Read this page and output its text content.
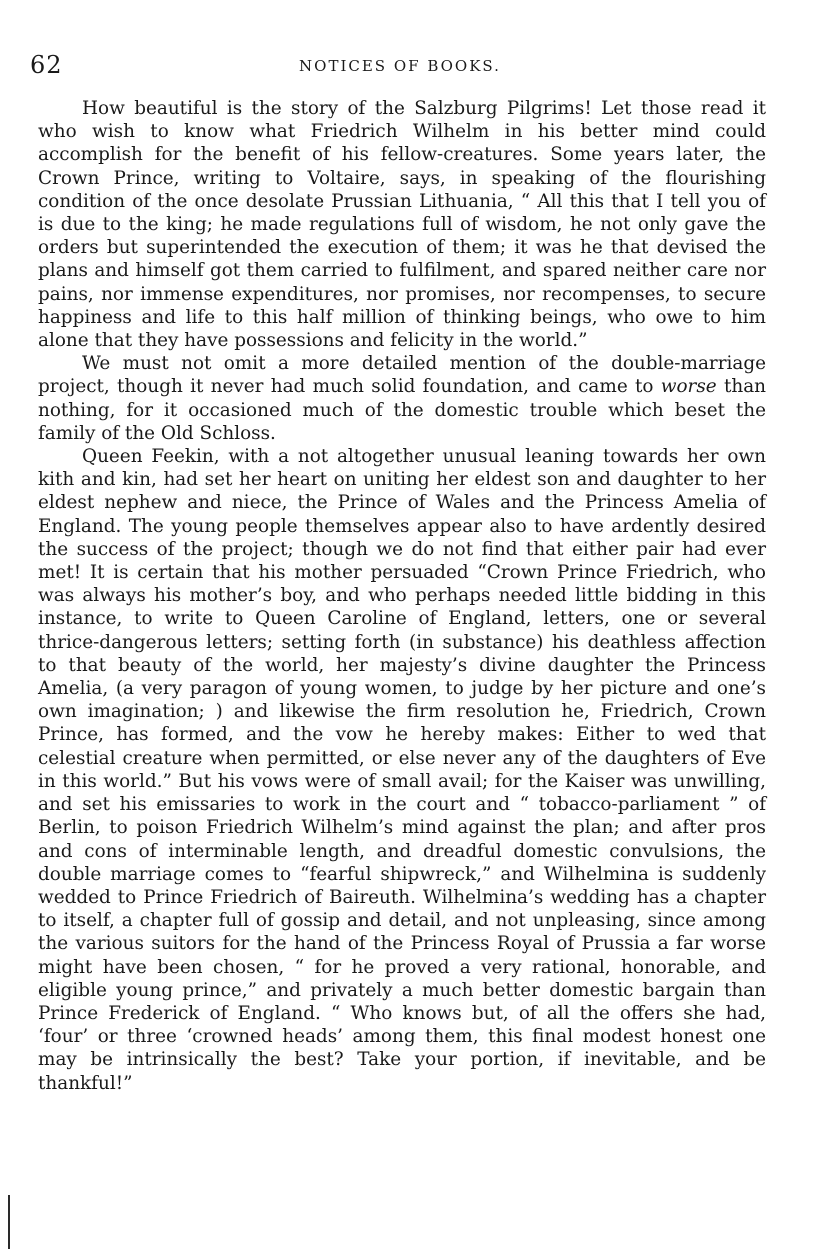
62	NOTICES OF BOOKS.

How beautiful is the story of the Salzburg Pilgrims! Let those read it who wish to know what Friedrich Wilhelm in his better mind could accomplish for the benefit of his fellow-creatures. Some years later, the Crown Prince, writing to Voltaire, says, in speaking of the flourishing condition of the once desolate Prussian Lithuania, “ All this that I tell you of is due to the king; he made regulations full of wisdom, he not only gave the orders but superintended the execution of them; it was he that devised the plans and himself got them carried to fulfilment, and spared neither care nor pains, nor immense expenditures, nor promises, nor recompenses, to secure happiness and life to this half million of thinking beings, who owe to him alone that they have possessions and felicity in the world.”

We must not omit a more detailed mention of the double-marriage project, though it never had much solid foundation, and came to worse than nothing, for it occasioned much of the domestic trouble which beset the family of the Old Schloss.

Queen Feekin, with a not altogether unusual leaning towards her own kith and kin, had set her heart on uniting her eldest son and daughter to her eldest nephew and niece, the Prince of Wales and the Princess Amelia of England. The young people themselves appear also to have ardently desired the success of the project; though we do not find that either pair had ever met! It is certain that his mother persuaded “Crown Prince Friedrich, who was always his mother’s boy, and who perhaps needed little bidding in this instance, to write to Queen Caroline of England, letters, one or several thrice-dangerous letters; setting forth (in substance) his deathless affection to that beauty of the world, her majesty’s divine daughter the Princess Amelia, (a very paragon of young women, to judge by her picture and one’s own imagination; ) and likewise the firm resolution he, Friedrich, Crown Prince, has formed, and the vow he hereby makes: Either to wed that celestial creature when permitted, or else never any of the daughters of Eve in this world.” But his vows were of small avail; for the Kaiser was unwilling, and set his emissaries to work in the court and “ tobacco-parliament ” of Berlin, to poison Friedrich Wilhelm’s mind against the plan; and after pros and cons of interminable length, and dreadful domestic convulsions, the double marriage comes to “fearful shipwreck,” and Wilhelmina is suddenly wedded to Prince Friedrich of Baireuth. Wilhelmina’s wedding has a chapter to itself, a chapter full of gossip and detail, and not unpleasing, since among the various suitors for the hand of the Princess Royal of Prussia a far worse might have been chosen, “ for he proved a very rational, honorable, and eligible young prince,” and privately a much better domestic bargain than Prince Frederick of England. “ Who knows but, of all the offers she had, ‘four’ or three ‘crowned heads’ among them, this final modest honest one may be intrinsically the best? Take your portion, if inevitable, and be thankful!”
